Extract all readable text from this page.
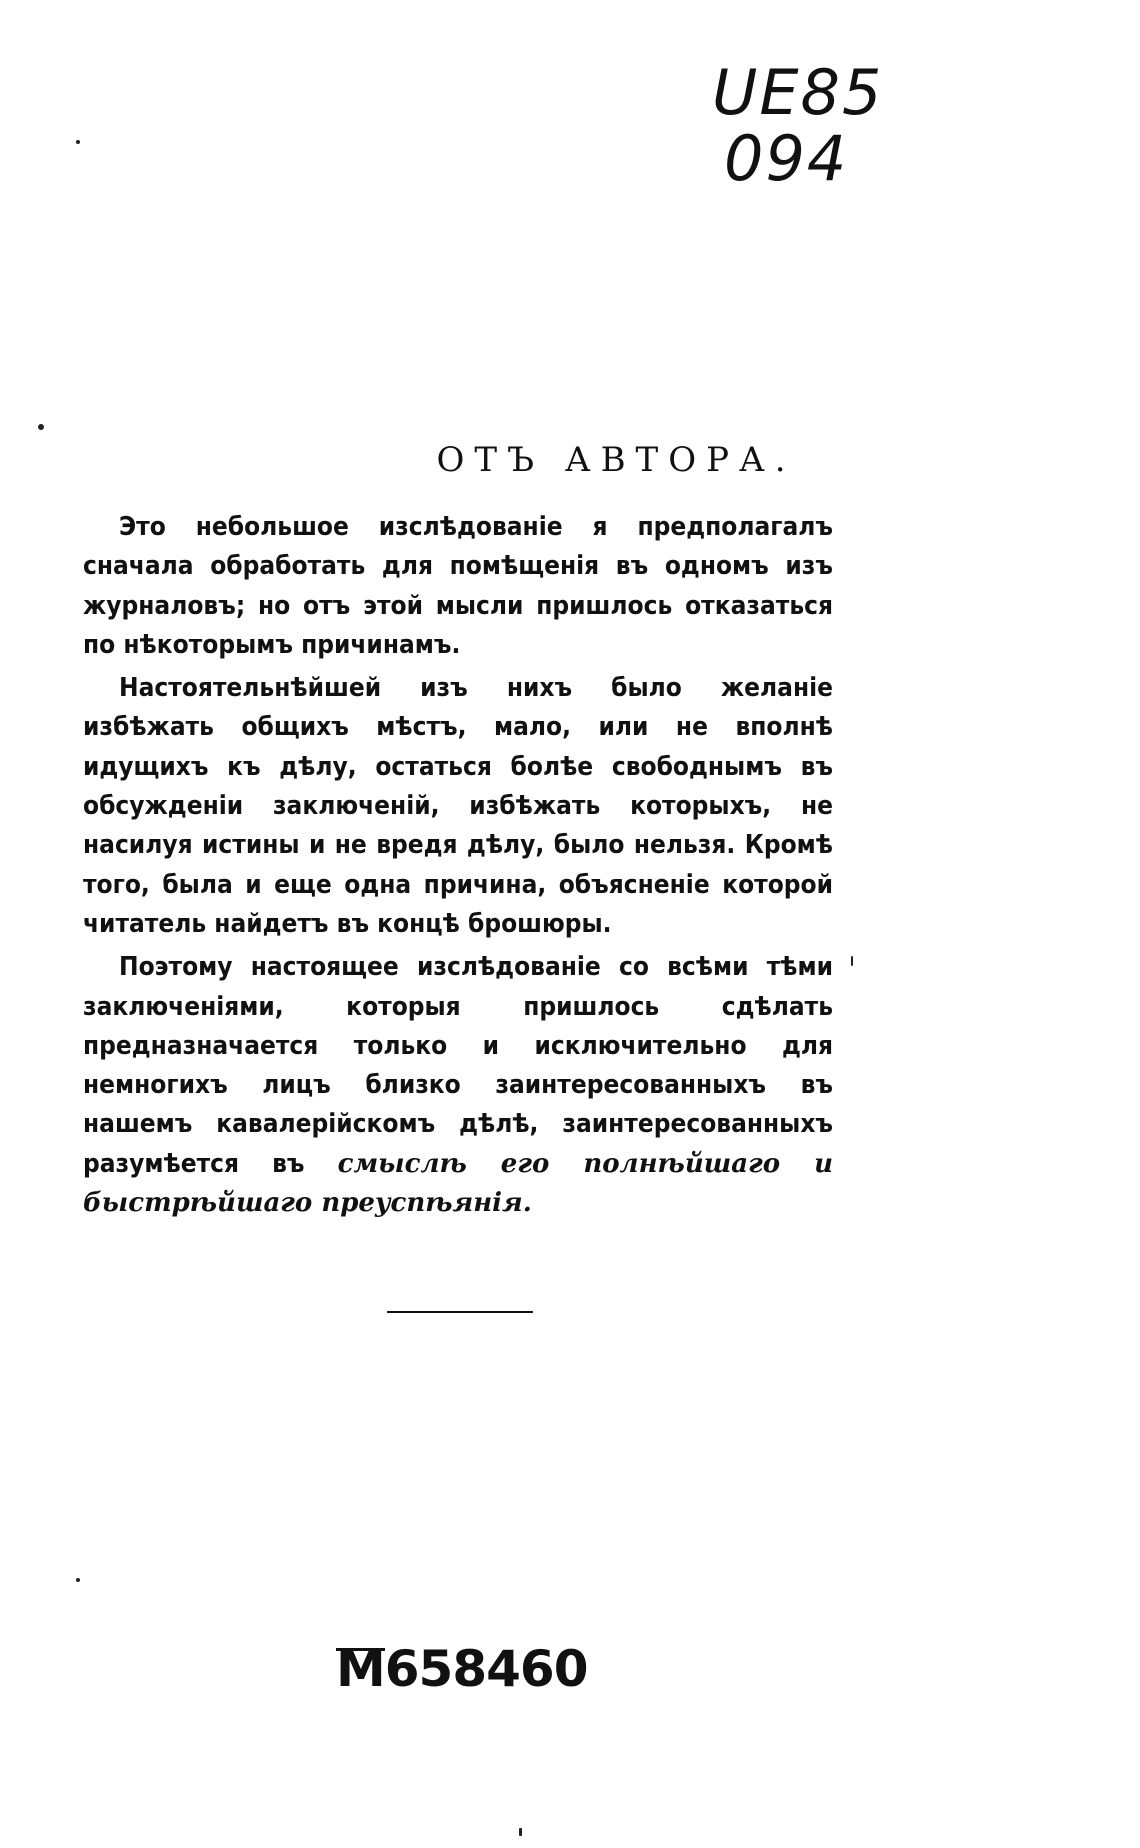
UE85
094
ОТЪ АВТОРА.

Это небольшое изслѣдованіе я предполагалъ сначала обработать для помѣщенія въ одномъ изъ журналовъ; но отъ этой мысли пришлось отказаться по нѣкоторымъ причинамъ.

Настоятельнѣйшей изъ нихъ было желаніе избѣжать общихъ мѣстъ, мало, или не вполнѣ идущихъ къ дѣлу, остаться болѣе свободнымъ въ обсужденіи заключеній, избѣжать которыхъ, не насилуя истины и не вредя дѣлу, было нельзя. Кромѣ того, была и еще одна причина, объясненіе которой читатель найдетъ въ концѣ брошюры.

Поэтому настоящее изслѣдованіе со всѣми тѣми заключеніями, которыя пришлось сдѣлать предназначается только и исключительно для немногихъ лицъ близко заинтересованныхъ въ нашемъ кавалерійскомъ дѣлѣ, заинтересованныхъ разумѣется въ смыслѣ его полнѣйшаго и быстрѣйшаго преуспѣянія.

M658460
